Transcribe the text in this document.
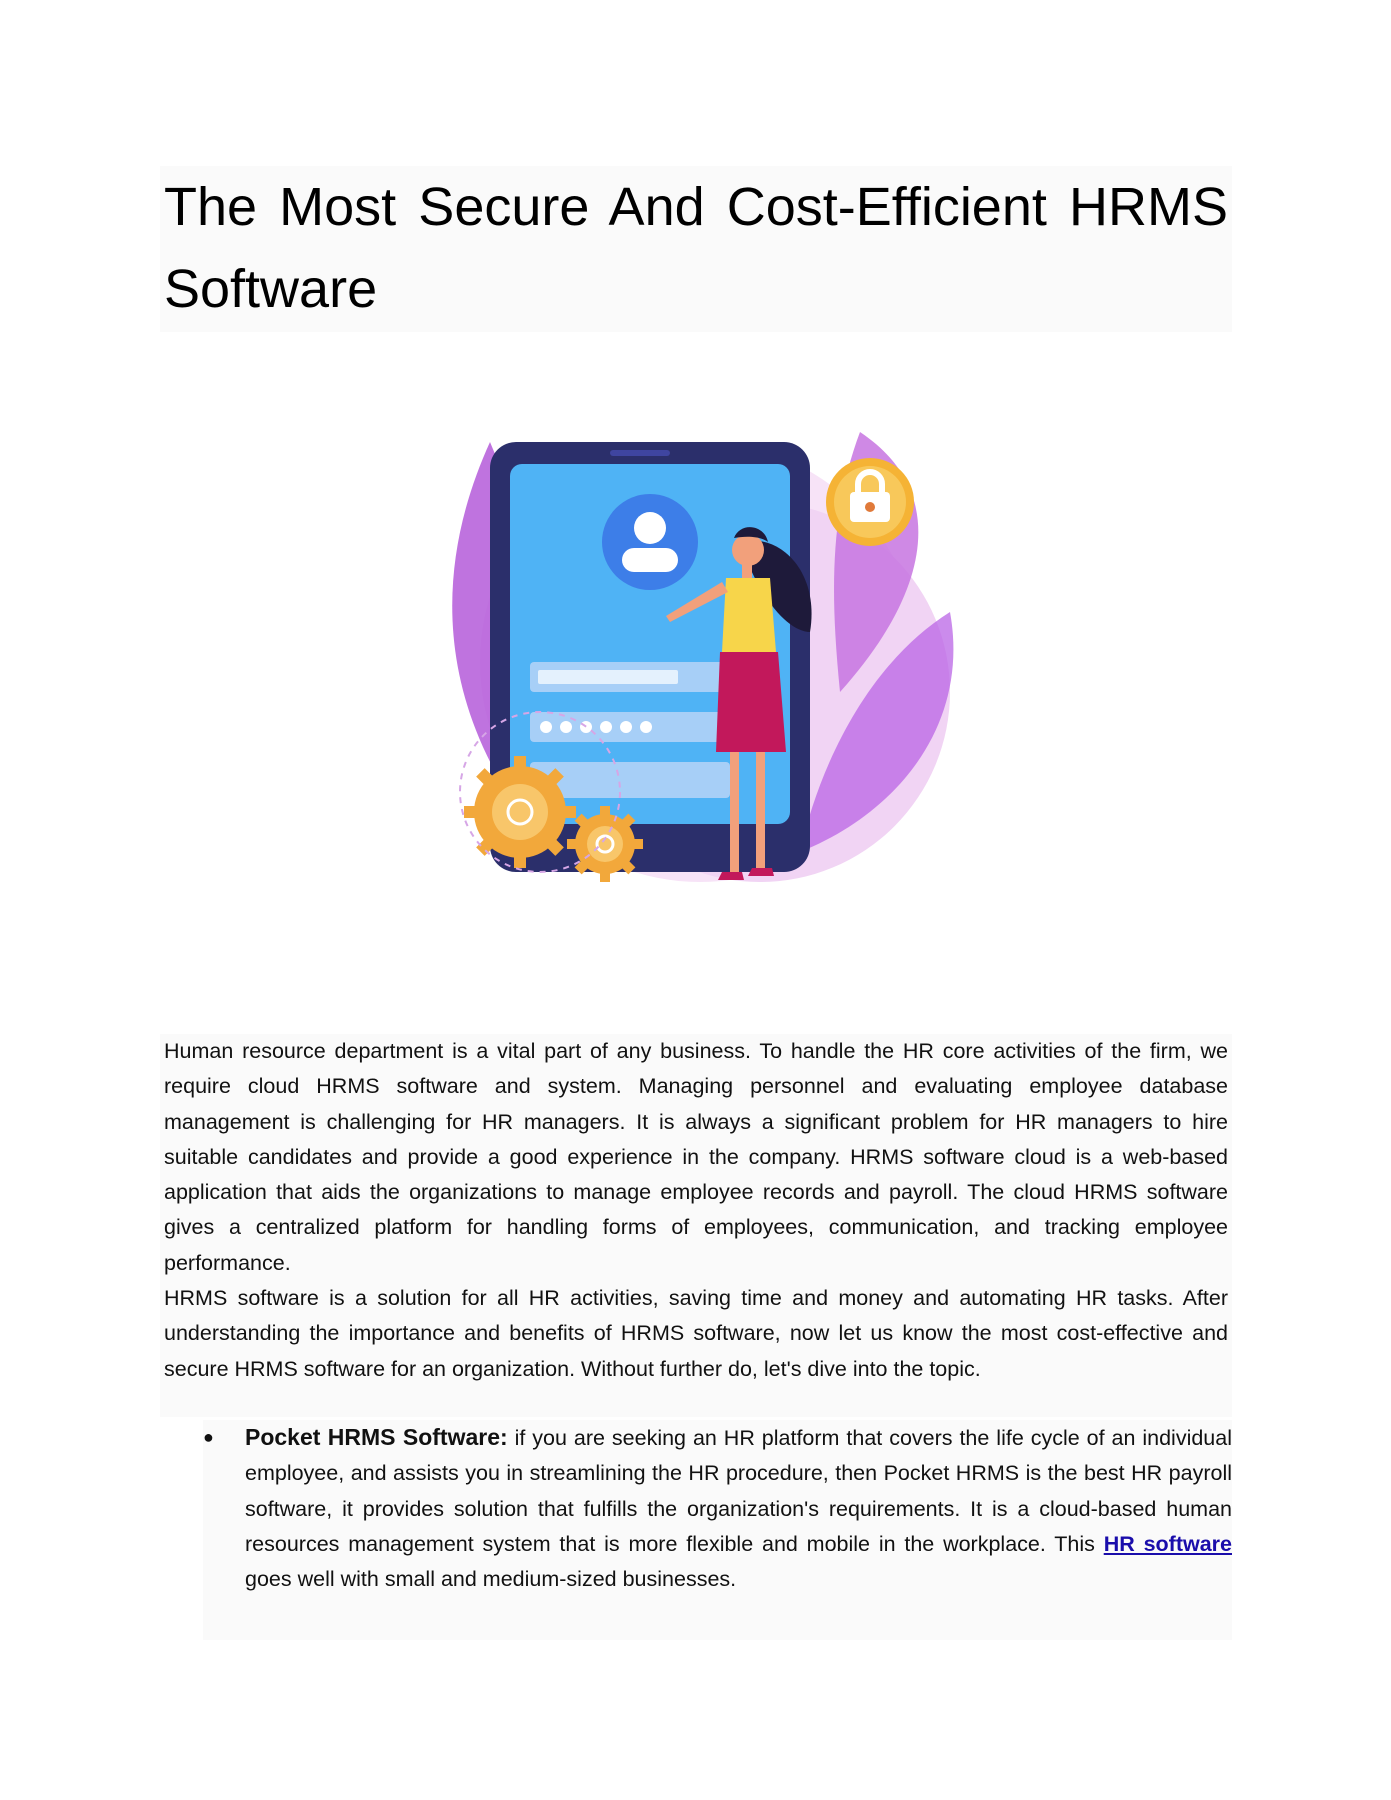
The Most Secure And Cost-Efficient HRMS Software

Human resource department is a vital part of any business. To handle the HR core activities of the firm, we require cloud HRMS software and system. Managing personnel and evaluating employee database management is challenging for HR managers. It is always a significant problem for HR managers to hire suitable candidates and provide a good experience in the company. HRMS software cloud is a web-based application that aids the organizations to manage employee records and payroll. The cloud HRMS software gives a centralized platform for handling forms of employees, communication, and tracking employee performance.

HRMS software is a solution for all HR activities, saving time and money and automating HR tasks. After understanding the importance and benefits of HRMS software, now let us know the most cost-effective and secure HRMS software for an organization. Without further do, let's dive into the topic.

● Pocket HRMS Software: if you are seeking an HR platform that covers the life cycle of an individual employee, and assists you in streamlining the HR procedure, then Pocket HRMS is the best HR payroll software, it provides solution that fulfills the organization's requirements. It is a cloud-based human resources management system that is more flexible and mobile in the workplace. This HR software goes well with small and medium-sized businesses.
